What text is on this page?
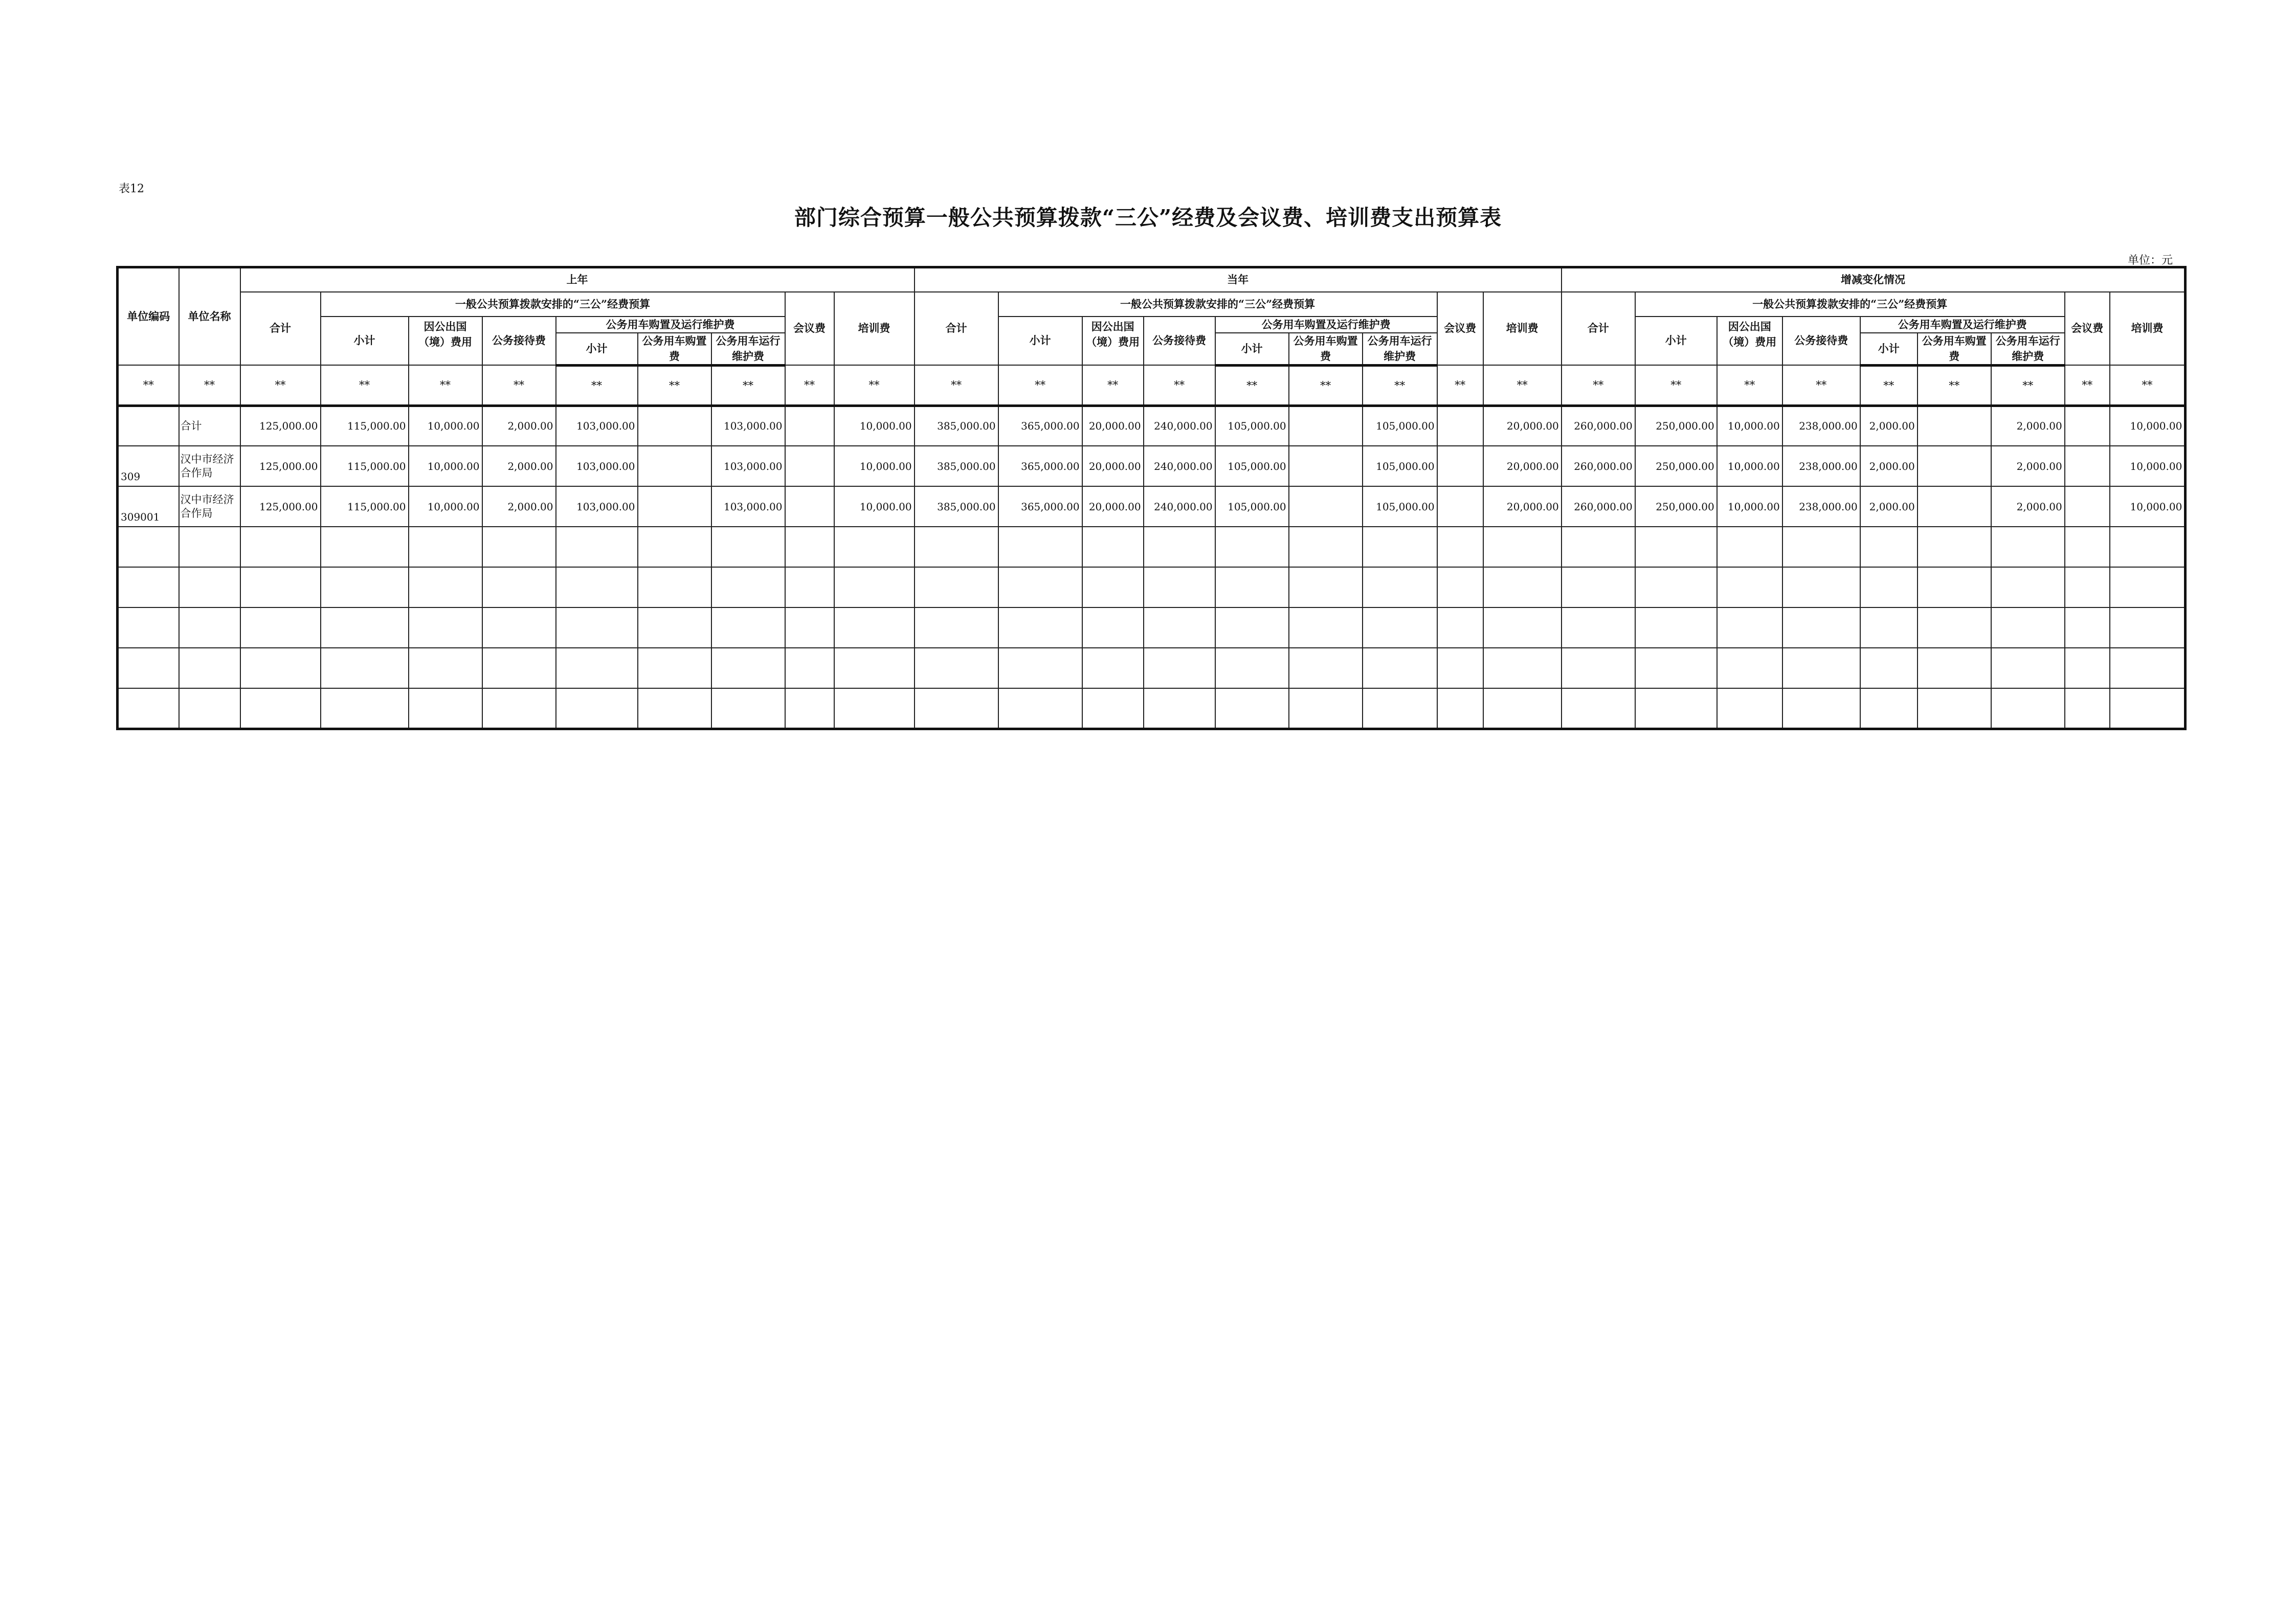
表12
部门综合预算一般公共预算拨款“三公”经费及会议费、培训费支出预算表
单位：元
单位编码	单位名称	上年									当年									增减变化情况								
		合计	一般公共预算拨款安排的“三公”经费预算						会议费	培训费	合计	一般公共预算拨款安排的“三公”经费预算						会议费	培训费	合计	一般公共预算拨款安排的“三公”经费预算						会议费	培训费
			小计	因公出国（境）费用	公务接待费	公务用车购置及运行维护费						小计	因公出国（境）费用	公务接待费	公务用车购置及运行维护费						小计	因公出国（境）费用	公务接待费	公务用车购置及运行维护费				
						小计	公务用车购置费	公务用车运行维护费							小计	公务用车购置费	公务用车运行维护费							小计	公务用车购置费	公务用车运行维护费		
**	**	**	**	**	**	**	**	**	**	**	**	**	**	**	**	**	**	**	**	**	**	**	**	**	**	**	**	**
	合计	125,000.00	115,000.00	10,000.00	2,000.00	103,000.00		103,000.00		10,000.00	385,000.00	365,000.00	20,000.00	240,000.00	105,000.00		105,000.00		20,000.00	260,000.00	250,000.00	10,000.00	238,000.00	2,000.00		2,000.00		10,000.00
309	汉中市经济合作局	125,000.00	115,000.00	10,000.00	2,000.00	103,000.00		103,000.00		10,000.00	385,000.00	365,000.00	20,000.00	240,000.00	105,000.00		105,000.00		20,000.00	260,000.00	250,000.00	10,000.00	238,000.00	2,000.00		2,000.00		10,000.00
309001	汉中市经济合作局	125,000.00	115,000.00	10,000.00	2,000.00	103,000.00		103,000.00		10,000.00	385,000.00	365,000.00	20,000.00	240,000.00	105,000.00		105,000.00		20,000.00	260,000.00	250,000.00	10,000.00	238,000.00	2,000.00		2,000.00		10,000.00
